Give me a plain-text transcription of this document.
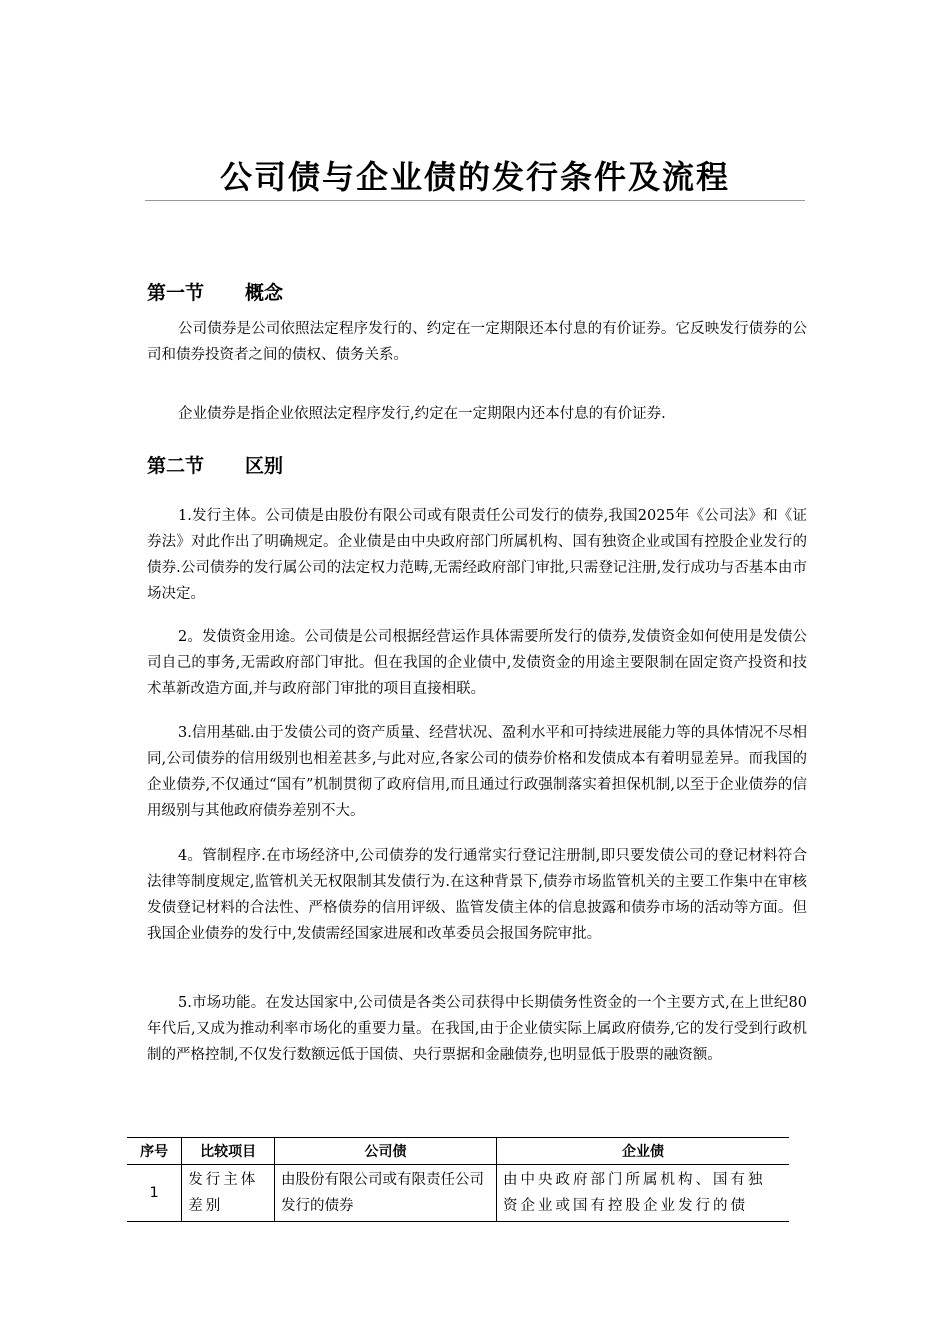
公司债与企业债的发行条件及流程
第一节 概念

公司债券是公司依照法定程序发行的、约定在一定期限还本付息的有价证券。它反映发行债券的公司和债券投资者之间的债权、债务关系。

企业债券是指企业依照法定程序发行,约定在一定期限内还本付息的有价证券.

第二节 区别

1.发行主体。公司债是由股份有限公司或有限责任公司发行的债券,我国2025年《公司法》和《证券法》对此作出了明确规定。企业债是由中央政府部门所属机构、国有独资企业或国有控股企业发行的债券.公司债券的发行属公司的法定权力范畴,无需经政府部门审批,只需登记注册,发行成功与否基本由市场决定。

2。发债资金用途。公司债是公司根据经营运作具体需要所发行的债券,发债资金如何使用是发债公司自己的事务,无需政府部门审批。但在我国的企业债中,发债资金的用途主要限制在固定资产投资和技术革新改造方面,并与政府部门审批的项目直接相联。

3.信用基础.由于发债公司的资产质量、经营状况、盈利水平和可持续进展能力等的具体情况不尽相同,公司债券的信用级别也相差甚多,与此对应,各家公司的债券价格和发债成本有着明显差异。而我国的企业债券,不仅通过“国有”机制贯彻了政府信用,而且通过行政强制落实着担保机制,以至于企业债券的信用级别与其他政府债券差别不大。

4。管制程序.在市场经济中,公司债券的发行通常实行登记注册制,即只要发债公司的登记材料符合法律等制度规定,监管机关无权限制其发债行为.在这种背景下,债券市场监管机关的主要工作集中在审核发债登记材料的合法性、严格债券的信用评级、监管发债主体的信息披露和债券市场的活动等方面。但我国企业债券的发行中,发债需经国家进展和改革委员会报国务院审批。

5.市场功能。在发达国家中,公司债是各类公司获得中长期债务性资金的一个主要方式,在上世纪80年代后,又成为推动利率市场化的重要力量。在我国,由于企业债实际上属政府债券,它的发行受到行政机制的严格控制,不仅发行数额远低于国债、央行票据和金融债券,也明显低于股票的融资额。

序号	比较项目	公司债	企业债
1	发行主体差别	由股份有限公司或有限责任公司发行的债券	由中央政府部门所属机构、国有独资企业或国有控股企业发行的债
